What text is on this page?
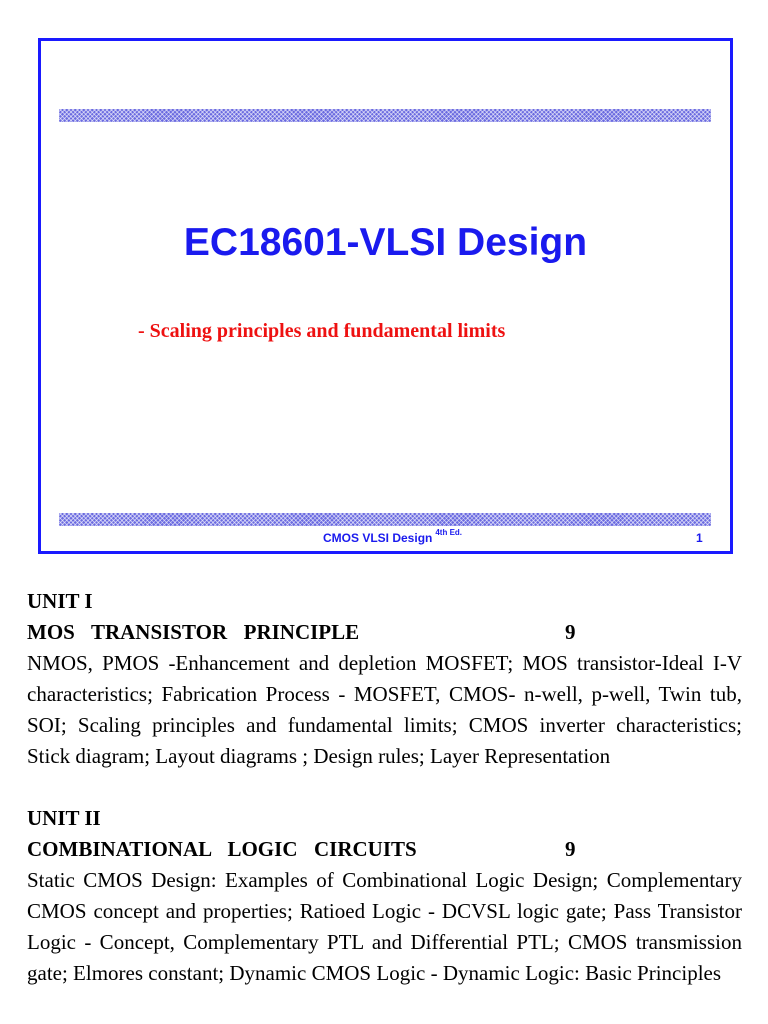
EC18601-VLSI Design
- Scaling principles and fundamental limits
CMOS VLSI Design $^{4th Ed.}$	1
UNIT I
MOS  TRANSISTOR  PRINCIPLE	9
NMOS, PMOS -Enhancement and depletion MOSFET; MOS transistor-Ideal I-V characteristics; Fabrication Process - MOSFET, CMOS- n-well, p-well, Twin tub, SOI; Scaling principles and fundamental limits; CMOS inverter characteristics; Stick diagram; Layout diagrams ; Design rules; Layer Representation
UNIT II
COMBINATIONAL  LOGIC  CIRCUITS	9
Static CMOS Design: Examples of Combinational Logic Design; Complementary CMOS concept and properties; Ratioed Logic - DCVSL logic gate; Pass Transistor Logic - Concept, Complementary PTL and Differential PTL; CMOS transmission gate; Elmores constant; Dynamic CMOS Logic - Dynamic Logic: Basic Principles
